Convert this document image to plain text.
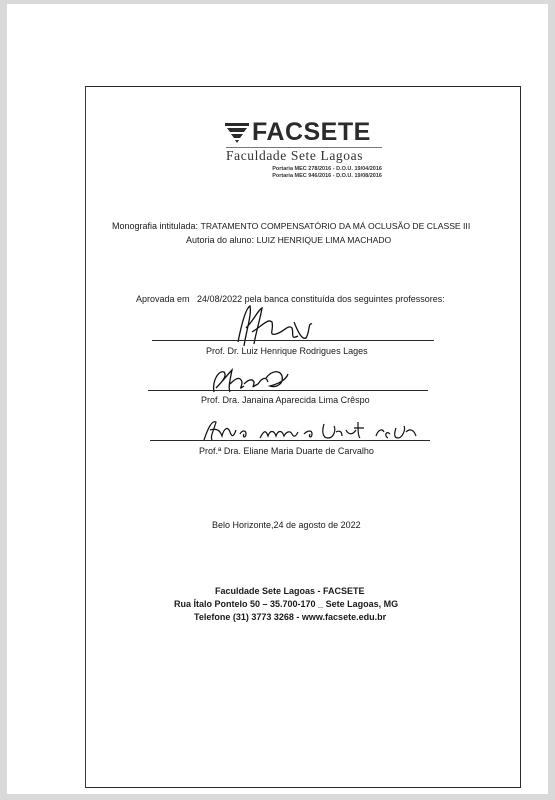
FACSETE
Faculdade Sete Lagoas
Portaria MEC 278/2016 - D.O.U. 19/04/2016
Portaria MEC 946/2016 - D.O.U. 19/08/2016
Monografia intitulada: TRATAMENTO COMPENSATÓRIO DA MÁ OCLUSÃO DE CLASSE III
Autoria do aluno: LUIZ HENRIQUE LIMA MACHADO
Aprovada em 24/08/2022 pela banca constituída dos seguintes professores:
Prof. Dr. Luiz Henrique Rodrigues Lages
Prof. Dra. Janaina Aparecida Lima Crêspo
Prof.ª Dra. Eliane Maria Duarte de Carvalho
Belo Horizonte,24 de agosto de 2022
Faculdade Sete Lagoas - FACSETE
Rua Ítalo Pontelo 50 – 35.700-170 _ Sete Lagoas, MG
Telefone (31) 3773 3268 - www.facsete.edu.br
